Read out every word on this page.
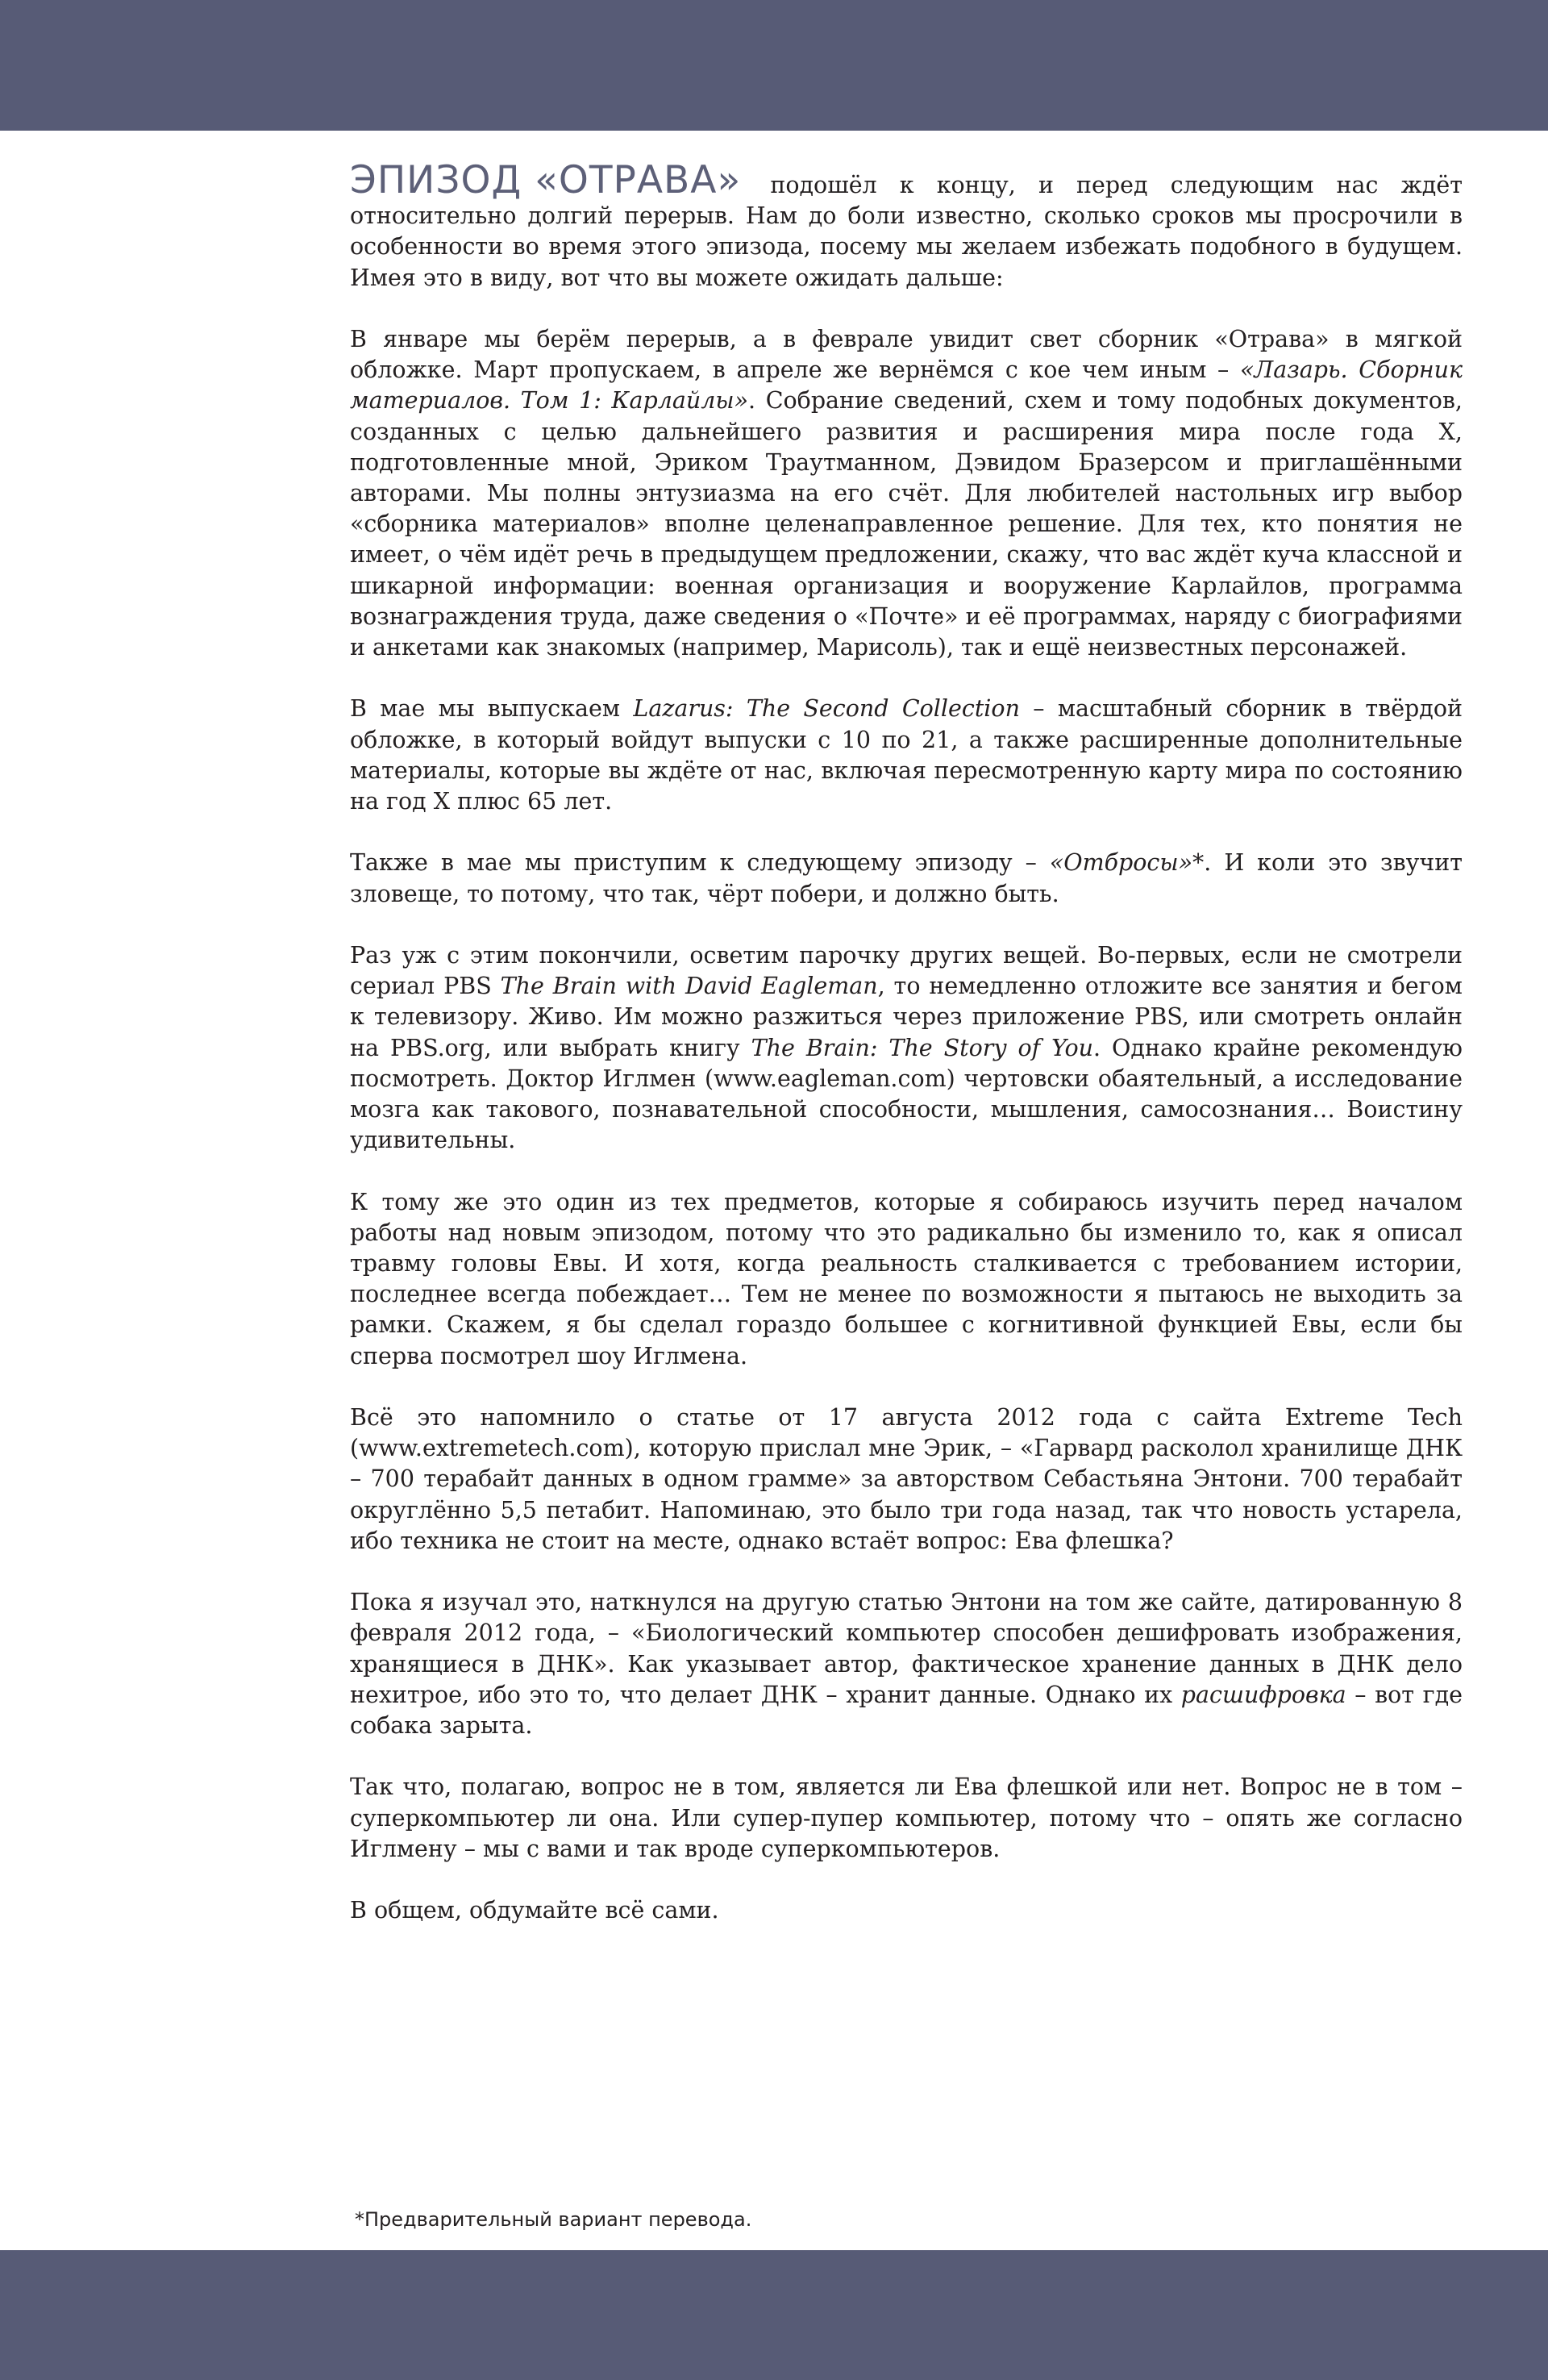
ЭПИЗОД «ОТРАВА» подошёл к концу, и перед следующим нас ждёт относительно долгий перерыв. Нам до боли известно, сколько сроков мы просрочили в особенности во время этого эпизода, посему мы желаем избежать подобного в будущем. Имея это в виду, вот что вы можете ожидать дальше:

В январе мы берём перерыв, а в феврале увидит свет сборник «Отрава» в мягкой обложке. Март пропускаем, в апреле же вернёмся с кое чем иным – «Лазарь. Сборник материалов. Том 1: Карлайлы». Собрание сведений, схем и тому подобных документов, созданных с целью дальнейшего развития и расширения мира после года X, подготовленные мной, Эриком Траутманном, Дэвидом Бразерсом и приглашёнными авторами. Мы полны энтузиазма на его счёт. Для любителей настольных игр выбор «сборника материалов» вполне целенаправленное решение. Для тех, кто понятия не имеет, о чём идёт речь в предыдущем предложении, скажу, что вас ждёт куча классной и шикарной информации: военная организация и вооружение Карлайлов, программа вознаграждения труда, даже сведения о «Почте» и её программах, наряду с биографиями и анкетами как знакомых (например, Марисоль), так и ещё неизвестных персонажей.

В мае мы выпускаем Lazarus: The Second Collection – масштабный сборник в твёрдой обложке, в который войдут выпуски с 10 по 21, а также расширенные дополнительные материалы, которые вы ждёте от нас, включая пересмотренную карту мира по состоянию на год X плюс 65 лет.

Также в мае мы приступим к следующему эпизоду – «Отбросы»*. И коли это звучит зловеще, то потому, что так, чёрт побери, и должно быть.

Раз уж с этим покончили, осветим парочку других вещей. Во-первых, если не смотрели сериал PBS The Brain with David Eagleman, то немедленно отложите все занятия и бегом к телевизору. Живо. Им можно разжиться через приложение PBS, или смотреть онлайн на PBS.org, или выбрать книгу The Brain: The Story of You. Однако крайне рекомендую посмотреть. Доктор Иглмен (www.eagleman.com) чертовски обаятельный, а исследование мозга как такового, познавательной способности, мышления, самосознания… Воистину удивительны.

К тому же это один из тех предметов, которые я собираюсь изучить перед началом работы над новым эпизодом, потому что это радикально бы изменило то, как я описал травму головы Евы. И хотя, когда реальность сталкивается с требованием истории, последнее всегда побеждает… Тем не менее по возможности я пытаюсь не выходить за рамки. Скажем, я бы сделал гораздо большее с когнитивной функцией Евы, если бы сперва посмотрел шоу Иглмена.

Всё это напомнило о статье от 17 августа 2012 года с сайта Extreme Tech (www.extremetech.com), которую прислал мне Эрик, – «Гарвард расколол хранилище ДНК – 700 терабайт данных в одном грамме» за авторством Себастьяна Энтони. 700 терабайт округлённо 5,5 петабит. Напоминаю, это было три года назад, так что новость устарела, ибо техника не стоит на месте, однако встаёт вопрос: Ева флешка?

Пока я изучал это, наткнулся на другую статью Энтони на том же сайте, датированную 8 февраля 2012 года, – «Биологический компьютер способен дешифровать изображения, хранящиеся в ДНК». Как указывает автор, фактическое хранение данных в ДНК дело нехитрое, ибо это то, что делает ДНК – хранит данные. Однако их расшифровка – вот где собака зарыта.

Так что, полагаю, вопрос не в том, является ли Ева флешкой или нет. Вопрос не в том – суперкомпьютер ли она. Или супер-пупер компьютер, потому что – опять же согласно Иглмену – мы с вами и так вроде суперкомпьютеров.

В общем, обдумайте всё сами.

*Предварительный вариант перевода.
